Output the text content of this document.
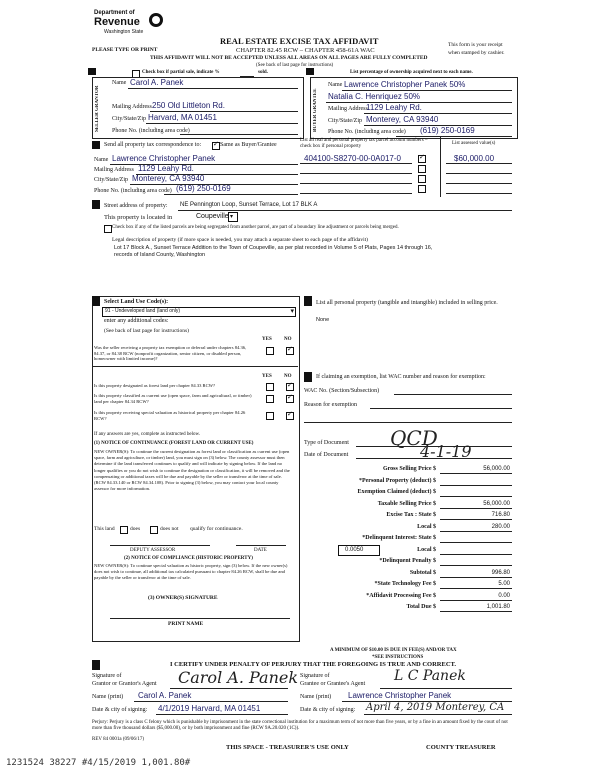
Department of
Revenue
Washington State
PLEASE TYPE OR PRINT
REAL ESTATE EXCISE TAX AFFIDAVIT
CHAPTER 82.45 RCW – CHAPTER 458-61A WAC
THIS AFFIDAVIT WILL NOT BE ACCEPTED UNLESS ALL AREAS ON ALL PAGES ARE FULLY COMPLETED
This form is your receipt
when stamped by cashier.
(See back of last page for instructions)
Check box if partial sale, indicate %	sold.	List percentage of ownership acquired next to each name.
SELLER GRANTOR
Name Carol A. Panek
Mailing Address 250 Old Littleton Rd.
City/State/Zip Harvard, MA 01451
Phone No. (including area code)	BUYER GRANTEE
Name Lawrence Christopher Panek 50%
Natalia C. Henriquez 50%
Mailing Address
1129 Leahy Rd.
City/State/Zip Monterey, CA 93940
Phone No. (including area code) (619) 250-0169
Send all property tax correspondence to: ✓	Same as Buyer/Grantee
Name Lawrence Christopher Panek
Mailing Address 1129 Leahy Rd.
City/State/Zip Monterey, CA 93940
Phone No. (including area code) (619) 250-0169
List all real and personal property tax parcel account numbers – check box if personal property
List assessed value(s)
404100-S8270-00-0A017-0 ✓	$60,000.00
Street address of property: NE Pennington Loop, Sunset Terrace, Lot 17 BLK A
This property is located in	Coupeville ▾
Check box if any of the listed parcels are being segregated from another parcel, are part of a boundary line adjustment or parcels being merged.
Legal description of property (if more space is needed, you may attach a separate sheet to each page of the affidavit)
Lot 17 Block A., Sunset Terrace Addition to the Town of Coupeville, as per plat recorded in Volume 5 of Plats, Pages 14 through 16,
records of Island County, Washington
Select Land Use Code(s):
91 - Undeveloped land (land only)	▾
enter any additional codes:
(See back of last page for instructions)
YES NO
Was the seller receiving a property tax exemption or deferral under chapters 84.36, 84.37, or 84.38 RCW (nonprofit organization, senior citizen, or disabled person, homeowner with limited income)?
✓
YES NO
Is this property designated as forest land per chapter 84.33 RCW?
✓
Is this property classified as current use (open space, farm and agricultural, or timber) land per chapter 84.34 RCW?
✓
Is this property receiving special valuation as historical property per chapter 84.26 RCW?
✓
If any answers are yes, complete as instructed below.
(1) NOTICE OF CONTINUANCE (FOREST LAND OR CURRENT USE)
NEW OWNER(S): To continue the current designation as forest land or classification as current use (open space, farm and agriculture, or timber) land, you must sign on (3) below. The county assessor must then determine if the land transferred continues to qualify and will indicate by signing below. If the land no longer qualifies or you do not wish to continue the designation or classification, it will be removed and the compensating or additional taxes will be due and payable by the seller or transferor at the time of sale. (RCW 84.33.140 or RCW 84.34.108). Prior to signing (3) below, you may contact your local county assessor for more information.
This land	does	does not qualify for continuance.
DEPUTY ASSESSOR	DATE
(2) NOTICE OF COMPLIANCE (HISTORIC PROPERTY)
NEW OWNER(S): To continue special valuation as historic property, sign (3) below. If the new owner(s) does not wish to continue, all additional tax calculated pursuant to chapter 84.26 RCW, shall be due and payable by the seller or transferor at the time of sale.
(3) OWNER(S) SIGNATURE
PRINT NAME
List all personal property (tangible and intangible) included in selling price.
None
If claiming an exemption, list WAC number and reason for exemption:
WAC No. (Section/Subsection)
Reason for exemption
Type of Document QCD
Date of Document	4-1-19
Gross Selling Price $	56,000.00
*Personal Property (deduct) $
Exemption Claimed (deduct) $
Taxable Selling Price $	56,000.00
Excise Tax : State $	716.80
Local $	280.00
*Delinquent Interest: State $
Local $
*Delinquent Penalty $
Subtotal $	996.80
*State Technology Fee $	5.00
*Affidavit Processing Fee $	0.00
Total Due $	1,001.80
0.0050
A MINIMUM OF $10.00 IS DUE IN FEE(S) AND/OR TAX
*SEE INSTRUCTIONS
I CERTIFY UNDER PENALTY OF PERJURY THAT THE FOREGOING IS TRUE AND CORRECT.
Signature of
Grantor or Grantor's Agent Carol A. Panek Signature of
Grantee or Grantee's Agent L C Panek
Name (print) Carol A. Panek	Name (print) Lawrence Christopher Panek
Date & city of signing: 4/1/2019 Harvard, MA 01451	Date & city of signing: April 4, 2019 Monterey, CA
Perjury: Perjury is a class C felony which is punishable by imprisonment in the state correctional institution for a maximum term of not more than five years, or by a fine in an amount fixed by the court of not more than five thousand dollars ($5,000.00), or by both imprisonment and fine (RCW 9A.20.020 (1C)).
REV 84 0001a (09/06/17)
THIS SPACE - TREASURER'S USE ONLY	COUNTY TREASURER
1231524 38227 #4/15/2019 1,001.80#
